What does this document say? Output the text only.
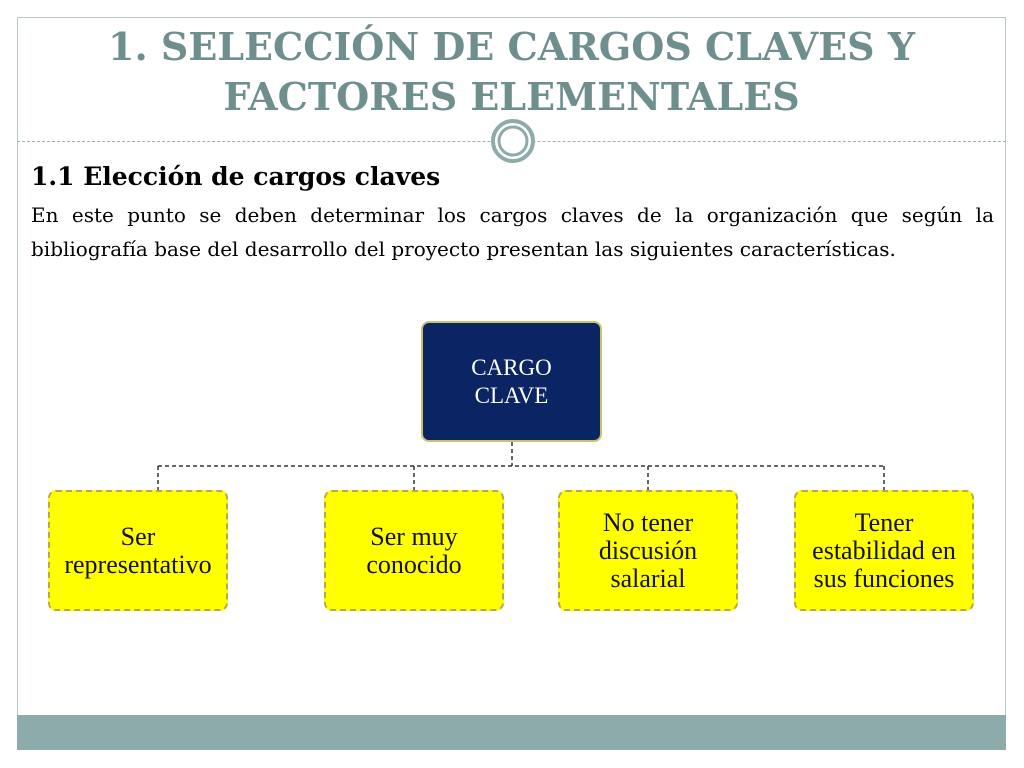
1. SELECCIÓN DE CARGOS CLAVES Y
FACTORES ELEMENTALES
1.1 Elección de cargos claves

En este punto se deben determinar los cargos claves de la organización que según la bibliografía base del desarrollo del proyecto presentan las siguientes características.

CARGO
CLAVE
Ser representativo
Ser muy conocido
No tener discusión salarial
Tener estabilidad en sus funciones
